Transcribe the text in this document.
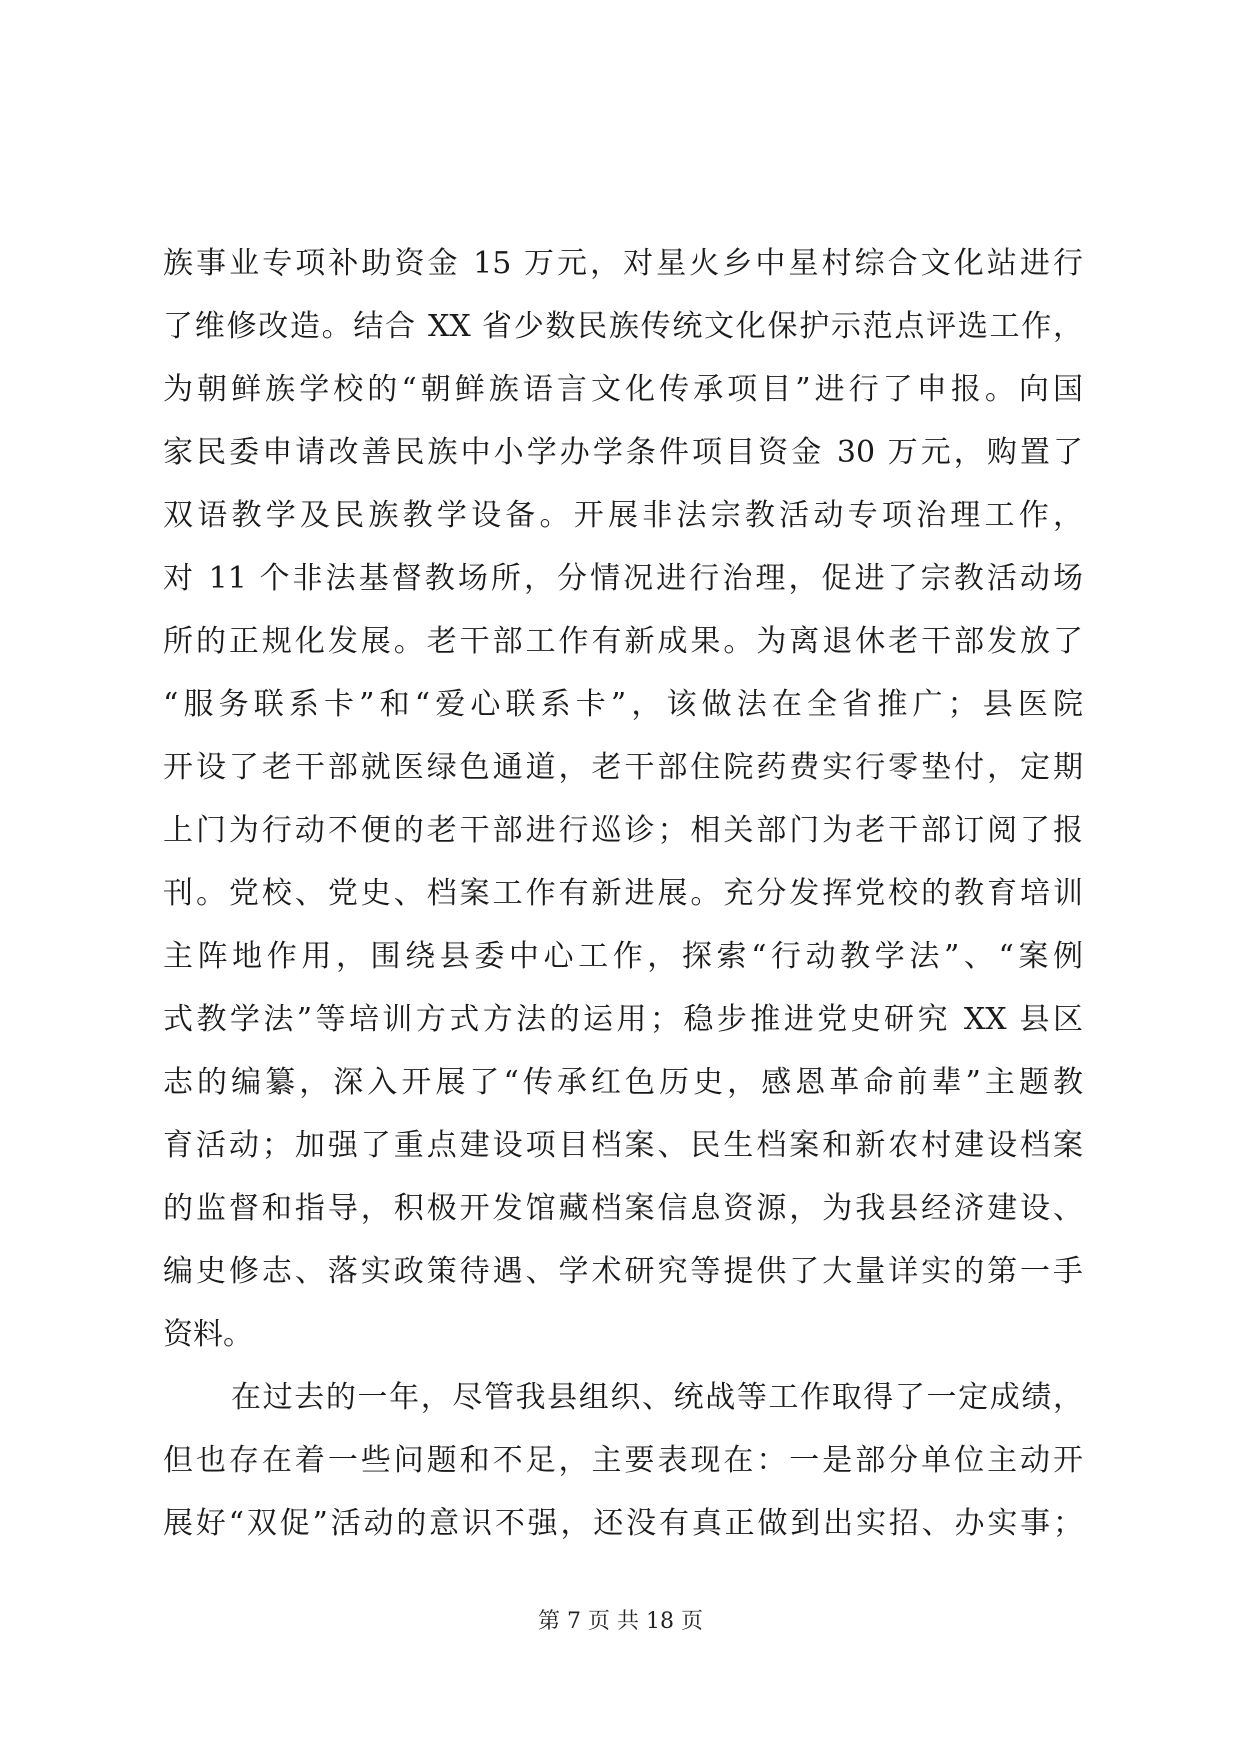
族事业专项补助资金 15 万元，对星火乡中星村综合文化站进行
了维修改造。结合 XX 省少数民族传统文化保护示范点评选工作，
为朝鲜族学校的“朝鲜族语言文化传承项目”进行了申报。向国
家民委申请改善民族中小学办学条件项目资金 30 万元，购置了
双语教学及民族教学设备。开展非法宗教活动专项治理工作，
对 11 个非法基督教场所，分情况进行治理，促进了宗教活动场
所的正规化发展。老干部工作有新成果。为离退休老干部发放了
“服务联系卡”和“爱心联系卡”，该做法在全省推广；县医院
开设了老干部就医绿色通道，老干部住院药费实行零垫付，定期
上门为行动不便的老干部进行巡诊；相关部门为老干部订阅了报
刊。党校、党史、档案工作有新进展。充分发挥党校的教育培训
主阵地作用，围绕县委中心工作，探索“行动教学法”、“案例
式教学法”等培训方式方法的运用；稳步推进党史研究 XX 县区
志的编纂，深入开展了“传承红色历史，感恩革命前辈”主题教
育活动；加强了重点建设项目档案、民生档案和新农村建设档案
的监督和指导，积极开发馆藏档案信息资源，为我县经济建设、
编史修志、落实政策待遇、学术研究等提供了大量详实的第一手
资料。
在过去的一年，尽管我县组织、统战等工作取得了一定成绩，
但也存在着一些问题和不足，主要表现在：一是部分单位主动开
展好“双促”活动的意识不强，还没有真正做到出实招、办实事；
第 7 页 共 18 页
